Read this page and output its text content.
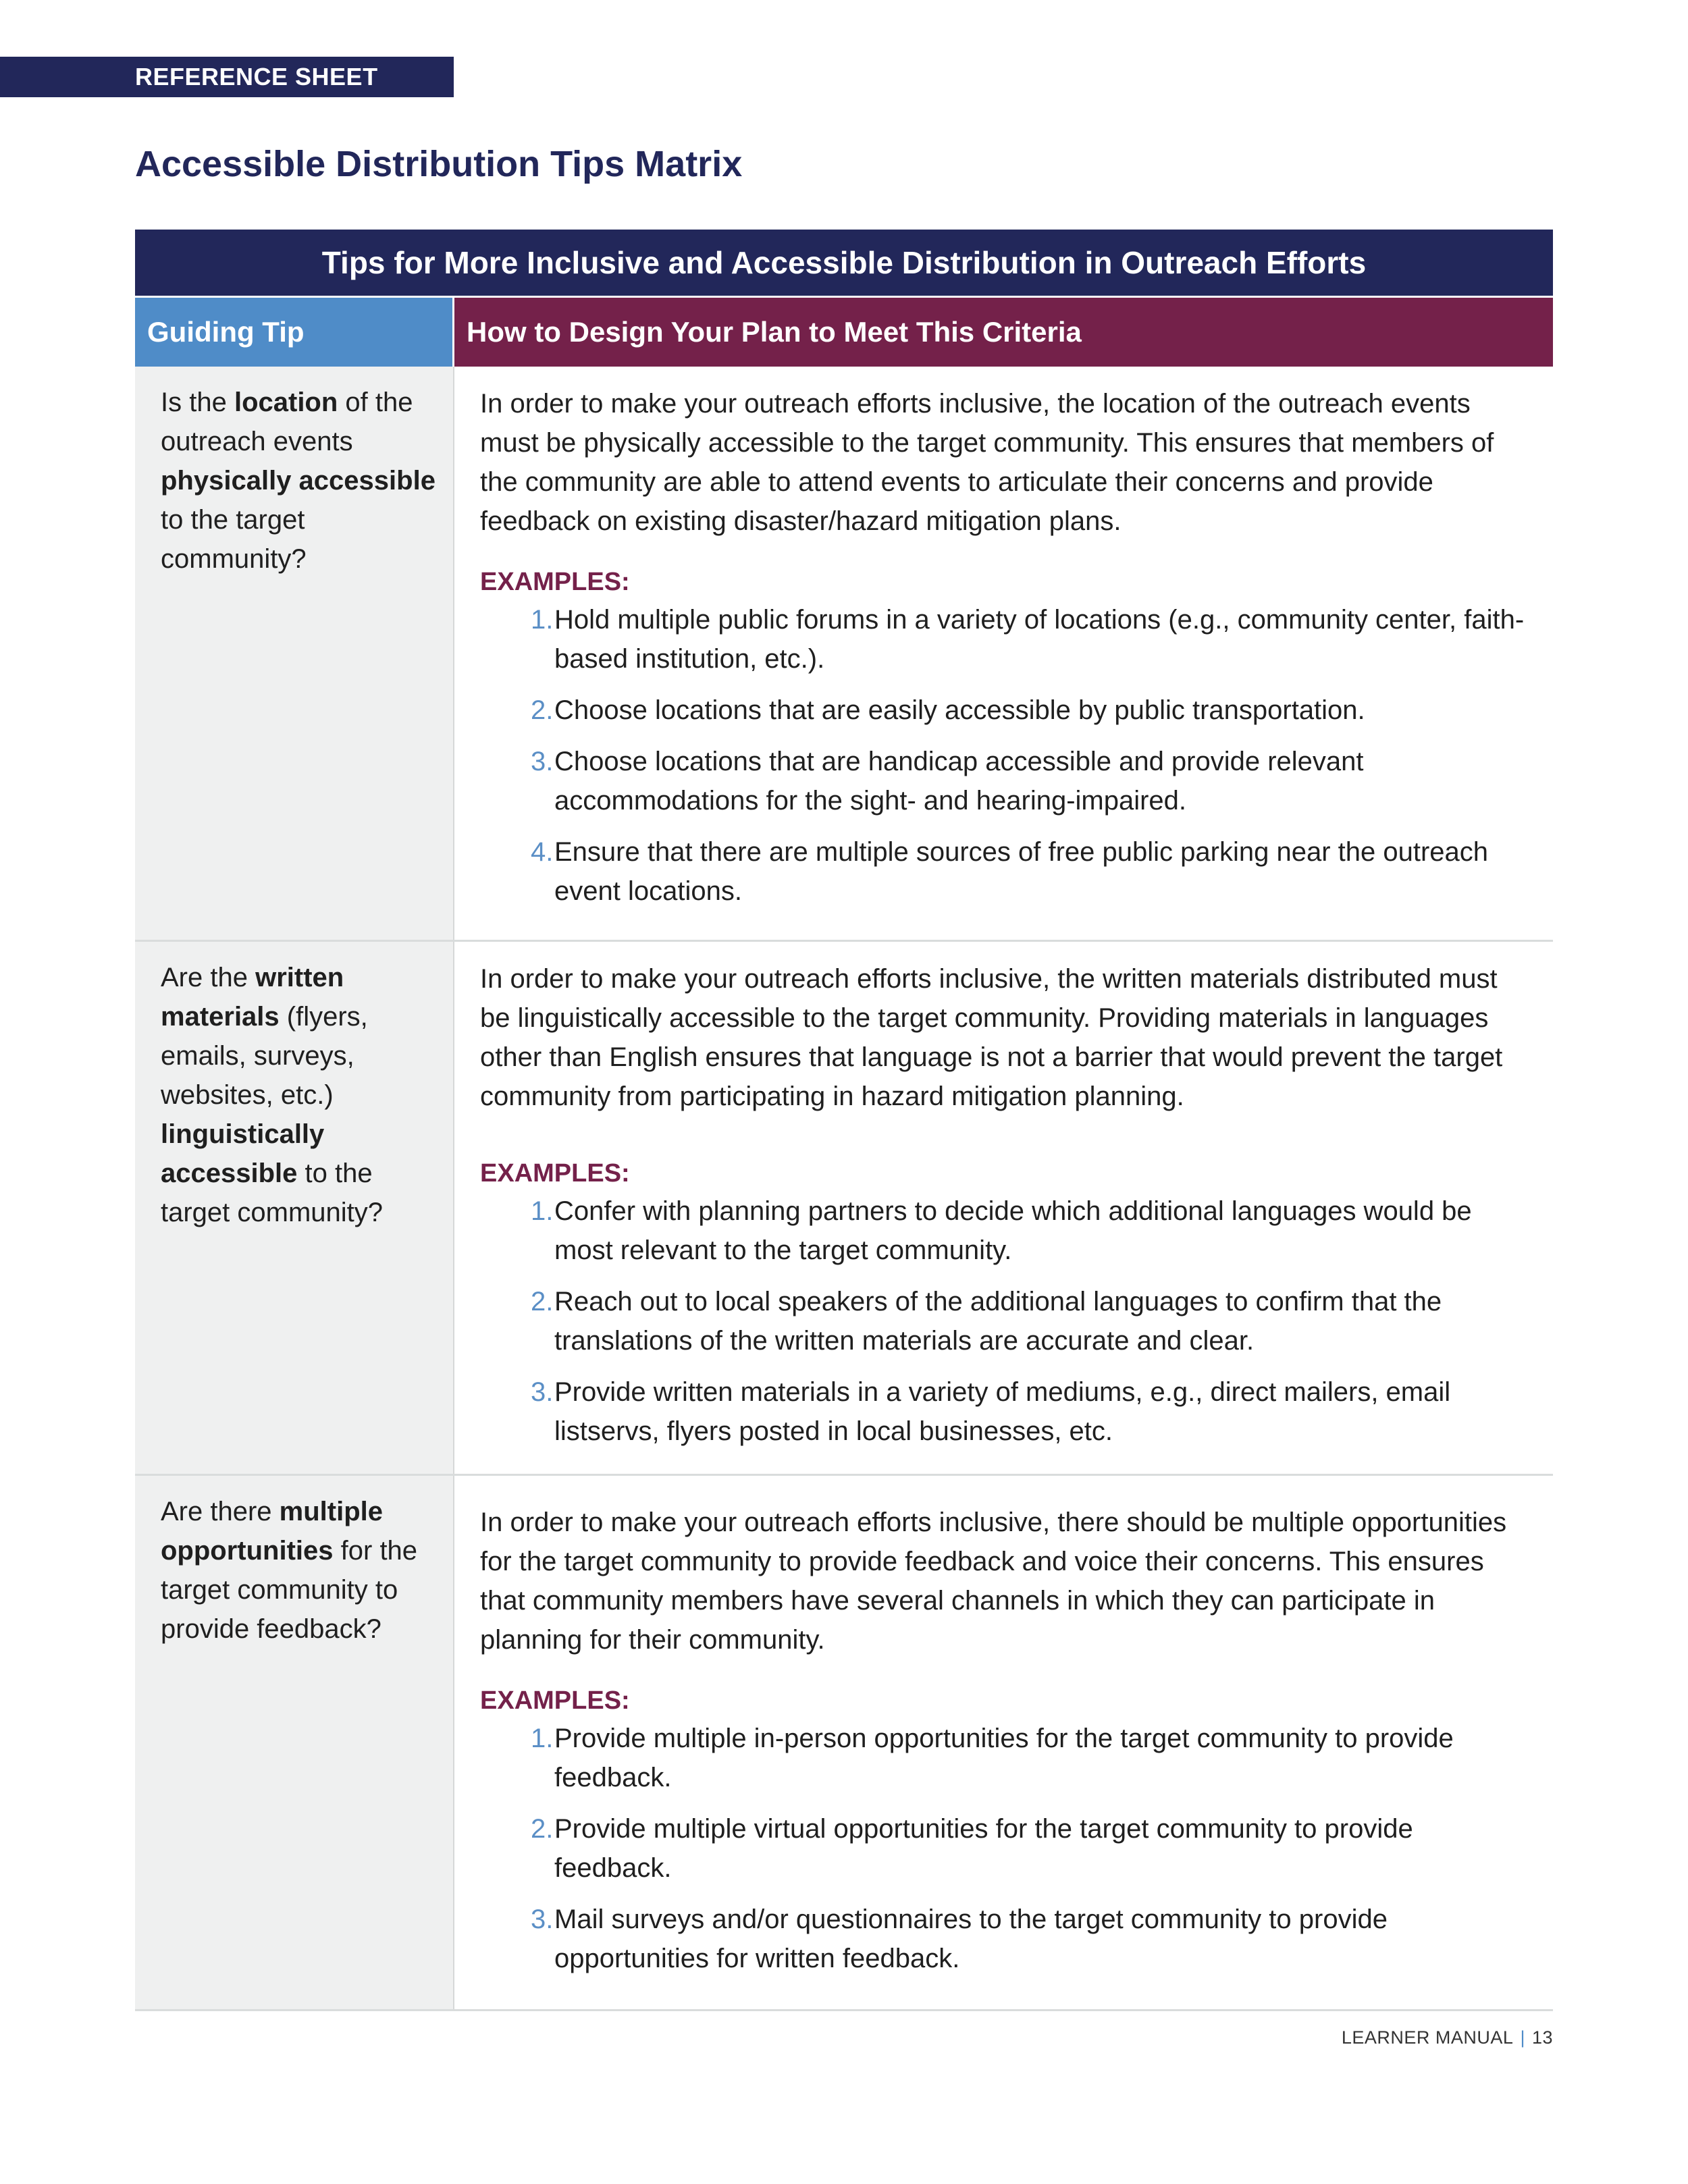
REFERENCE SHEET
Accessible Distribution Tips Matrix
Tips for More Inclusive and Accessible Distribution in Outreach Efforts
Guiding Tip	How to Design Your Plan to Meet This Criteria
Is the location of the outreach events physically accessible to the target community?

In order to make your outreach efforts inclusive, the location of the outreach events must be physically accessible to the target community. This ensures that members of the community are able to attend events to articulate their concerns and provide feedback on existing disaster/hazard mitigation plans.

EXAMPLES:
1. Hold multiple public forums in a variety of locations (e.g., community center, faith-based institution, etc.).
2. Choose locations that are easily accessible by public transportation.
3. Choose locations that are handicap accessible and provide relevant accommodations for the sight- and hearing-impaired.
4. Ensure that there are multiple sources of free public parking near the outreach event locations.
Are the written materials (flyers, emails, surveys, websites, etc.) linguistically accessible to the target community?

In order to make your outreach efforts inclusive, the written materials distributed must be linguistically accessible to the target community. Providing materials in languages other than English ensures that language is not a barrier that would prevent the target community from participating in hazard mitigation planning.

EXAMPLES:
1. Confer with planning partners to decide which additional languages would be most relevant to the target community.
2. Reach out to local speakers of the additional languages to confirm that the translations of the written materials are accurate and clear.
3. Provide written materials in a variety of mediums, e.g., direct mailers, email listservs, flyers posted in local businesses, etc.
Are there multiple opportunities for the target community to provide feedback?

In order to make your outreach efforts inclusive, there should be multiple opportunities for the target community to provide feedback and voice their concerns. This ensures that community members have several channels in which they can participate in planning for their community.

EXAMPLES:
1. Provide multiple in-person opportunities for the target community to provide feedback.
2. Provide multiple virtual opportunities for the target community to provide feedback.
3. Mail surveys and/or questionnaires to the target community to provide opportunities for written feedback.
LEARNER MANUAL | 13
